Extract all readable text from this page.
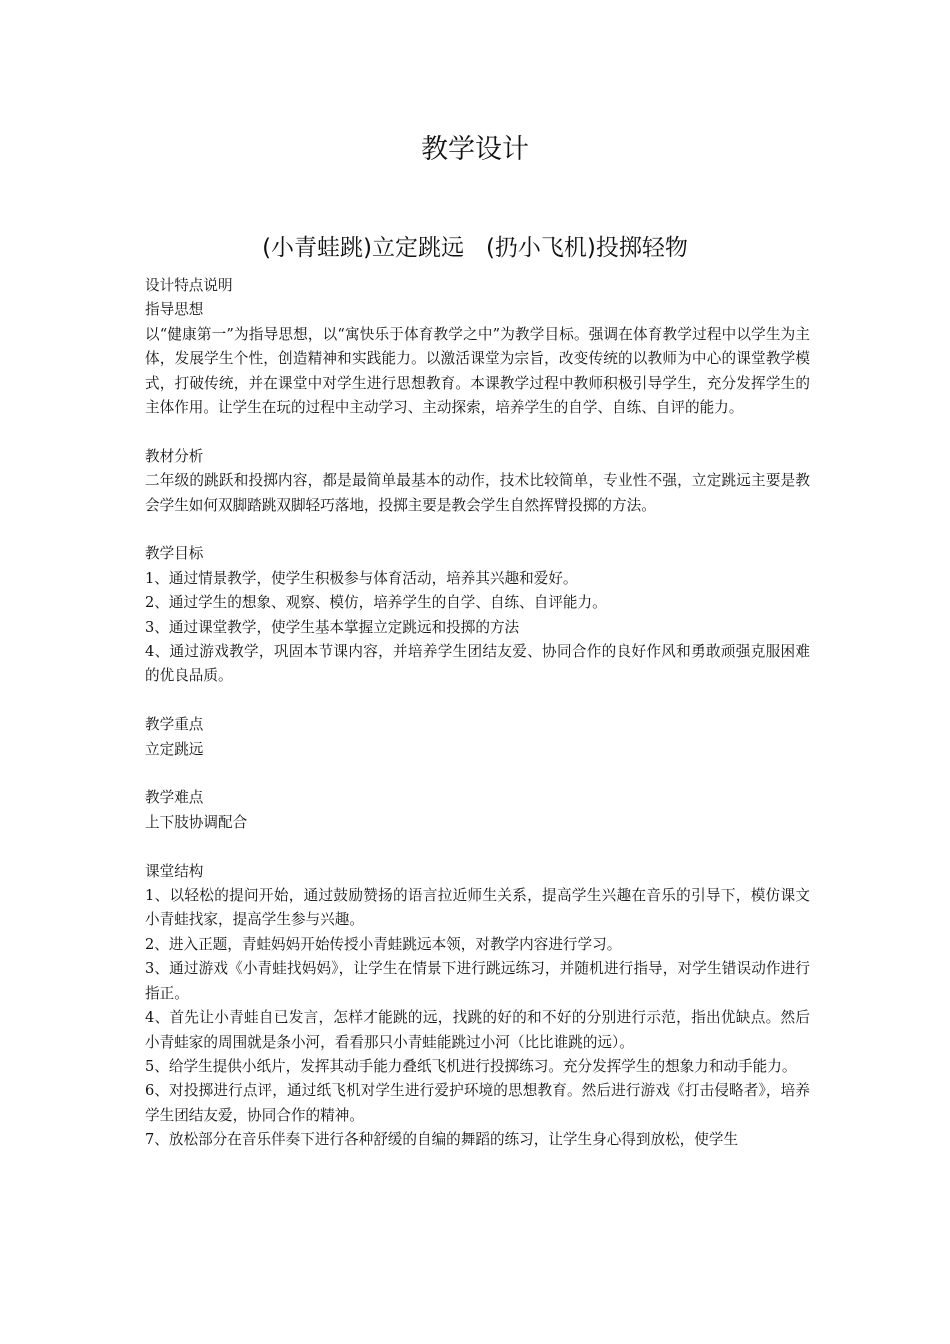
教学设计
(小青蛙跳)立定跳远   (扔小飞机)投掷轻物

设计特点说明

指导思想

以“健康第一”为指导思想，以“寓快乐于体育教学之中”为教学目标。强调在体育教学过程中以学生为主体，发展学生个性，创造精神和实践能力。以激活课堂为宗旨，改变传统的以教师为中心的课堂教学模式，打破传统，并在课堂中对学生进行思想教育。本课教学过程中教师积极引导学生，充分发挥学生的主体作用。让学生在玩的过程中主动学习、主动探索，培养学生的自学、自练、自评的能力。

教材分析

二年级的跳跃和投掷内容，都是最简单最基本的动作，技术比较简单，专业性不强，立定跳远主要是教会学生如何双脚踏跳双脚轻巧落地，投掷主要是教会学生自然挥臂投掷的方法。

教学目标

1、通过情景教学，使学生积极参与体育活动，培养其兴趣和爱好。

2、通过学生的想象、观察、模仿，培养学生的自学、自练、自评能力。

3、通过课堂教学，使学生基本掌握立定跳远和投掷的方法

4、通过游戏教学，巩固本节课内容，并培养学生团结友爱、协同合作的良好作风和勇敢顽强克服困难的优良品质。

教学重点

立定跳远

教学难点

上下肢协调配合

课堂结构

1、以轻松的提问开始，通过鼓励赞扬的语言拉近师生关系，提高学生兴趣在音乐的引导下，模仿课文小青蛙找家，提高学生参与兴趣。

2、进入正题，青蛙妈妈开始传授小青蛙跳远本领，对教学内容进行学习。

3、通过游戏《小青蛙找妈妈》，让学生在情景下进行跳远练习，并随机进行指导，对学生错误动作进行指正。

4、首先让小青蛙自已发言，怎样才能跳的远，找跳的好的和不好的分别进行示范，指出优缺点。然后小青蛙家的周围就是条小河，看看那只小青蛙能跳过小河（比比谁跳的远）。

5、给学生提供小纸片，发挥其动手能力叠纸飞机进行投掷练习。充分发挥学生的想象力和动手能力。

6、对投掷进行点评，通过纸飞机对学生进行爱护环境的思想教育。然后进行游戏《打击侵略者》，培养学生团结友爱，协同合作的精神。

7、放松部分在音乐伴奏下进行各种舒缓的自编的舞蹈的练习，让学生身心得到放松，使学生
